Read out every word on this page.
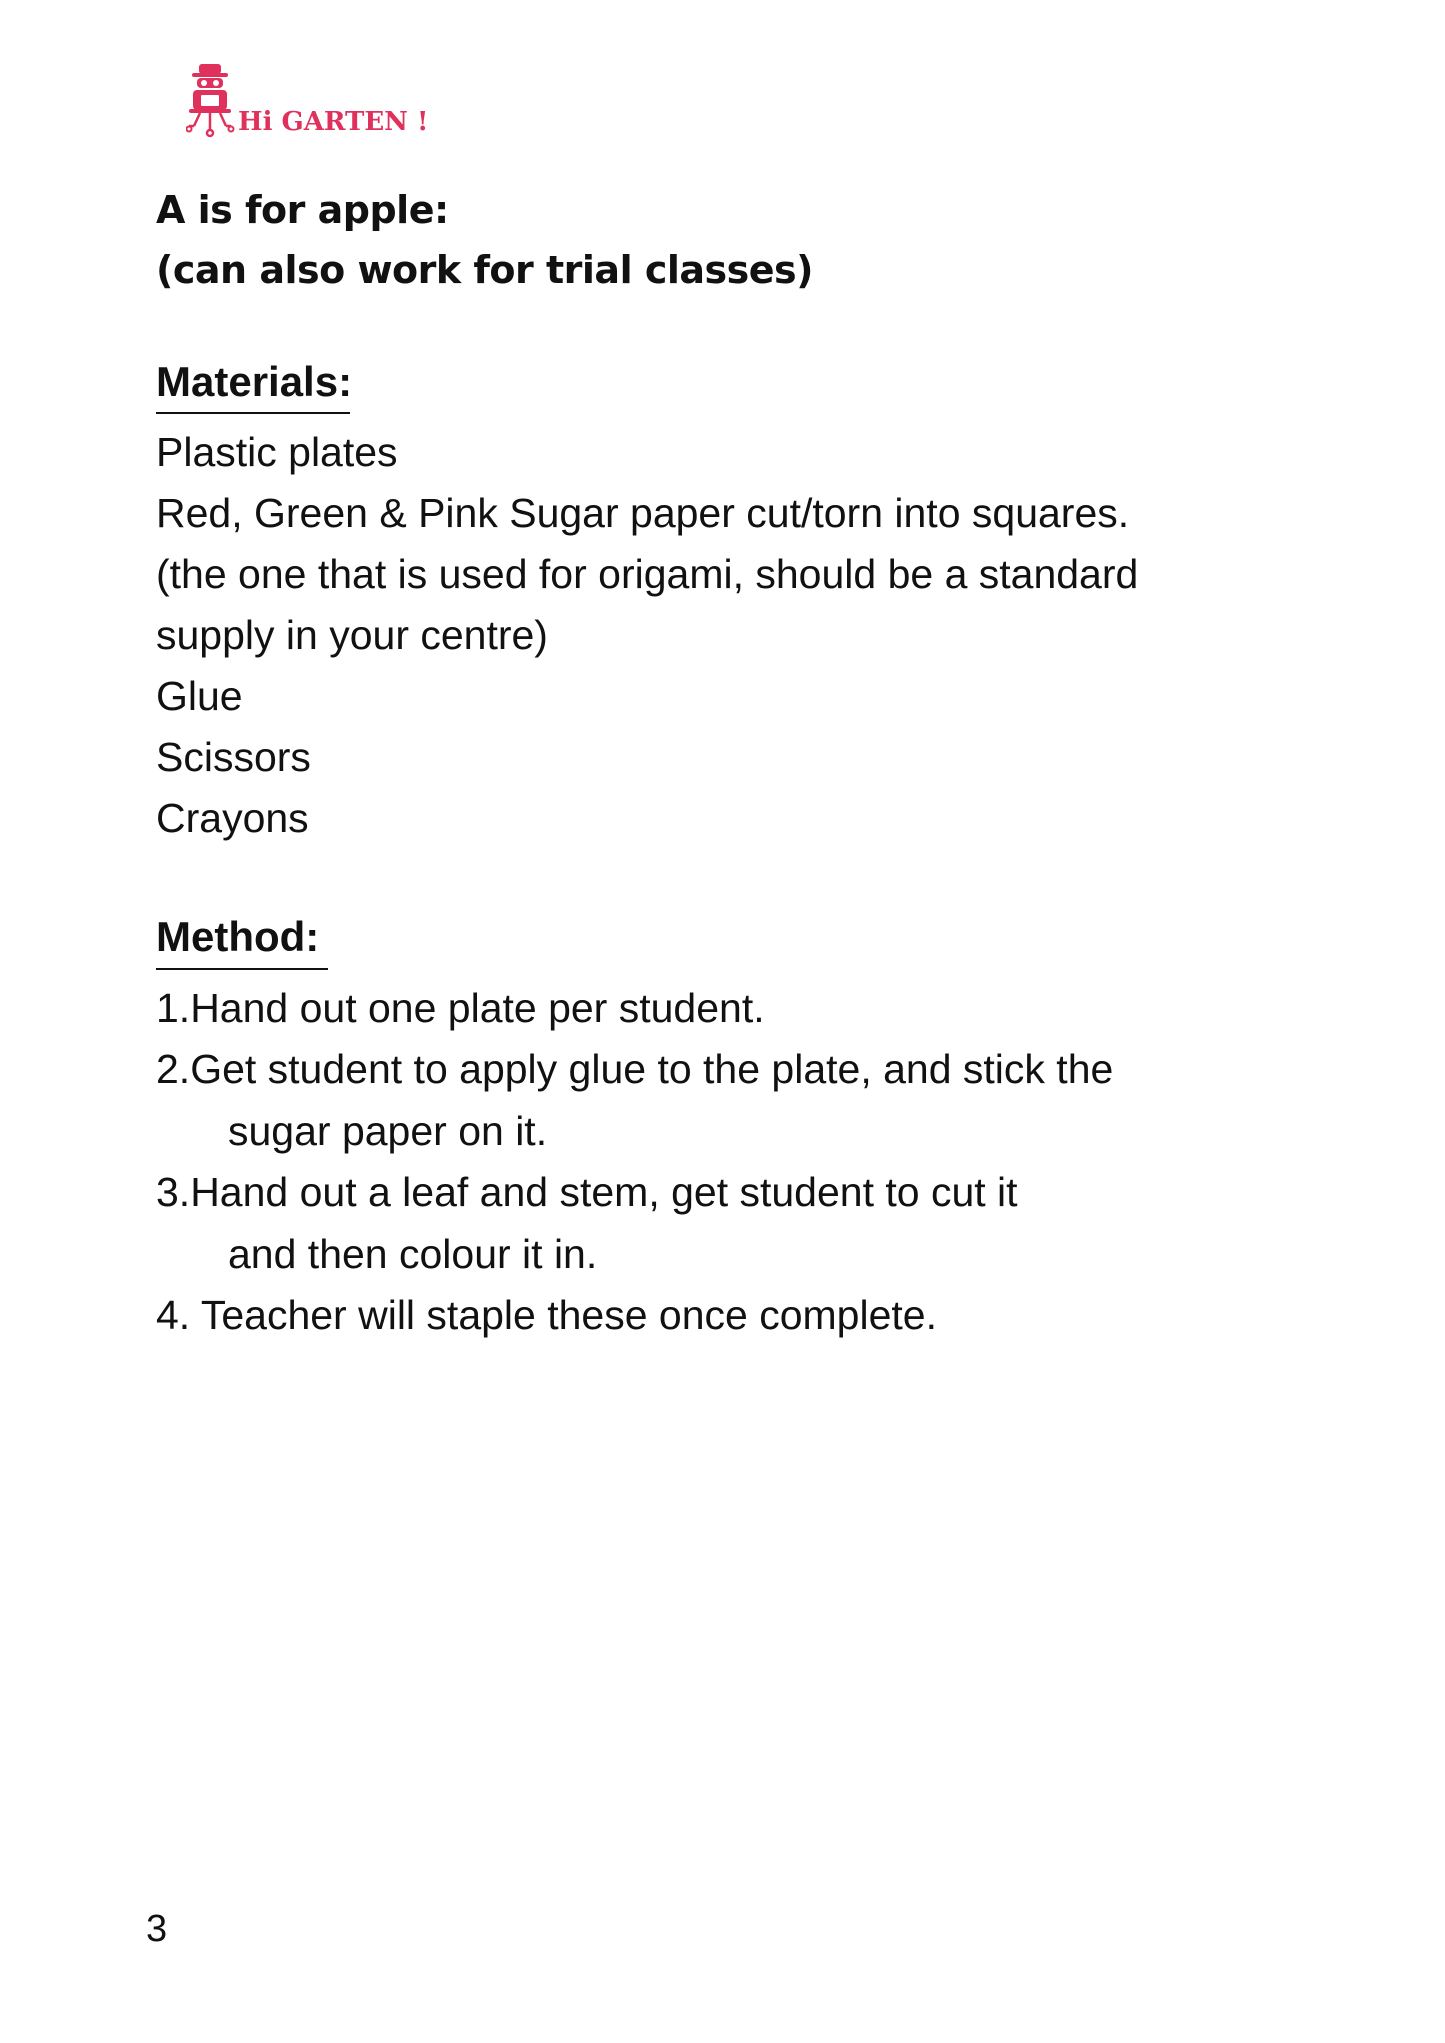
Hi GARTEN !
A is for apple:
(can also work for trial classes)
Materials:
Plastic plates
Red, Green & Pink Sugar paper cut/torn into squares.
(the one that is used for origami, should be a standard
supply in your centre)
Glue
Scissors
Crayons
Method:
1.Hand out one plate per student.
2.Get student to apply glue to the plate, and stick the
sugar paper on it.
3.Hand out a leaf and stem, get student to cut it
and then colour it in.
4. Teacher will staple these once complete.
3
